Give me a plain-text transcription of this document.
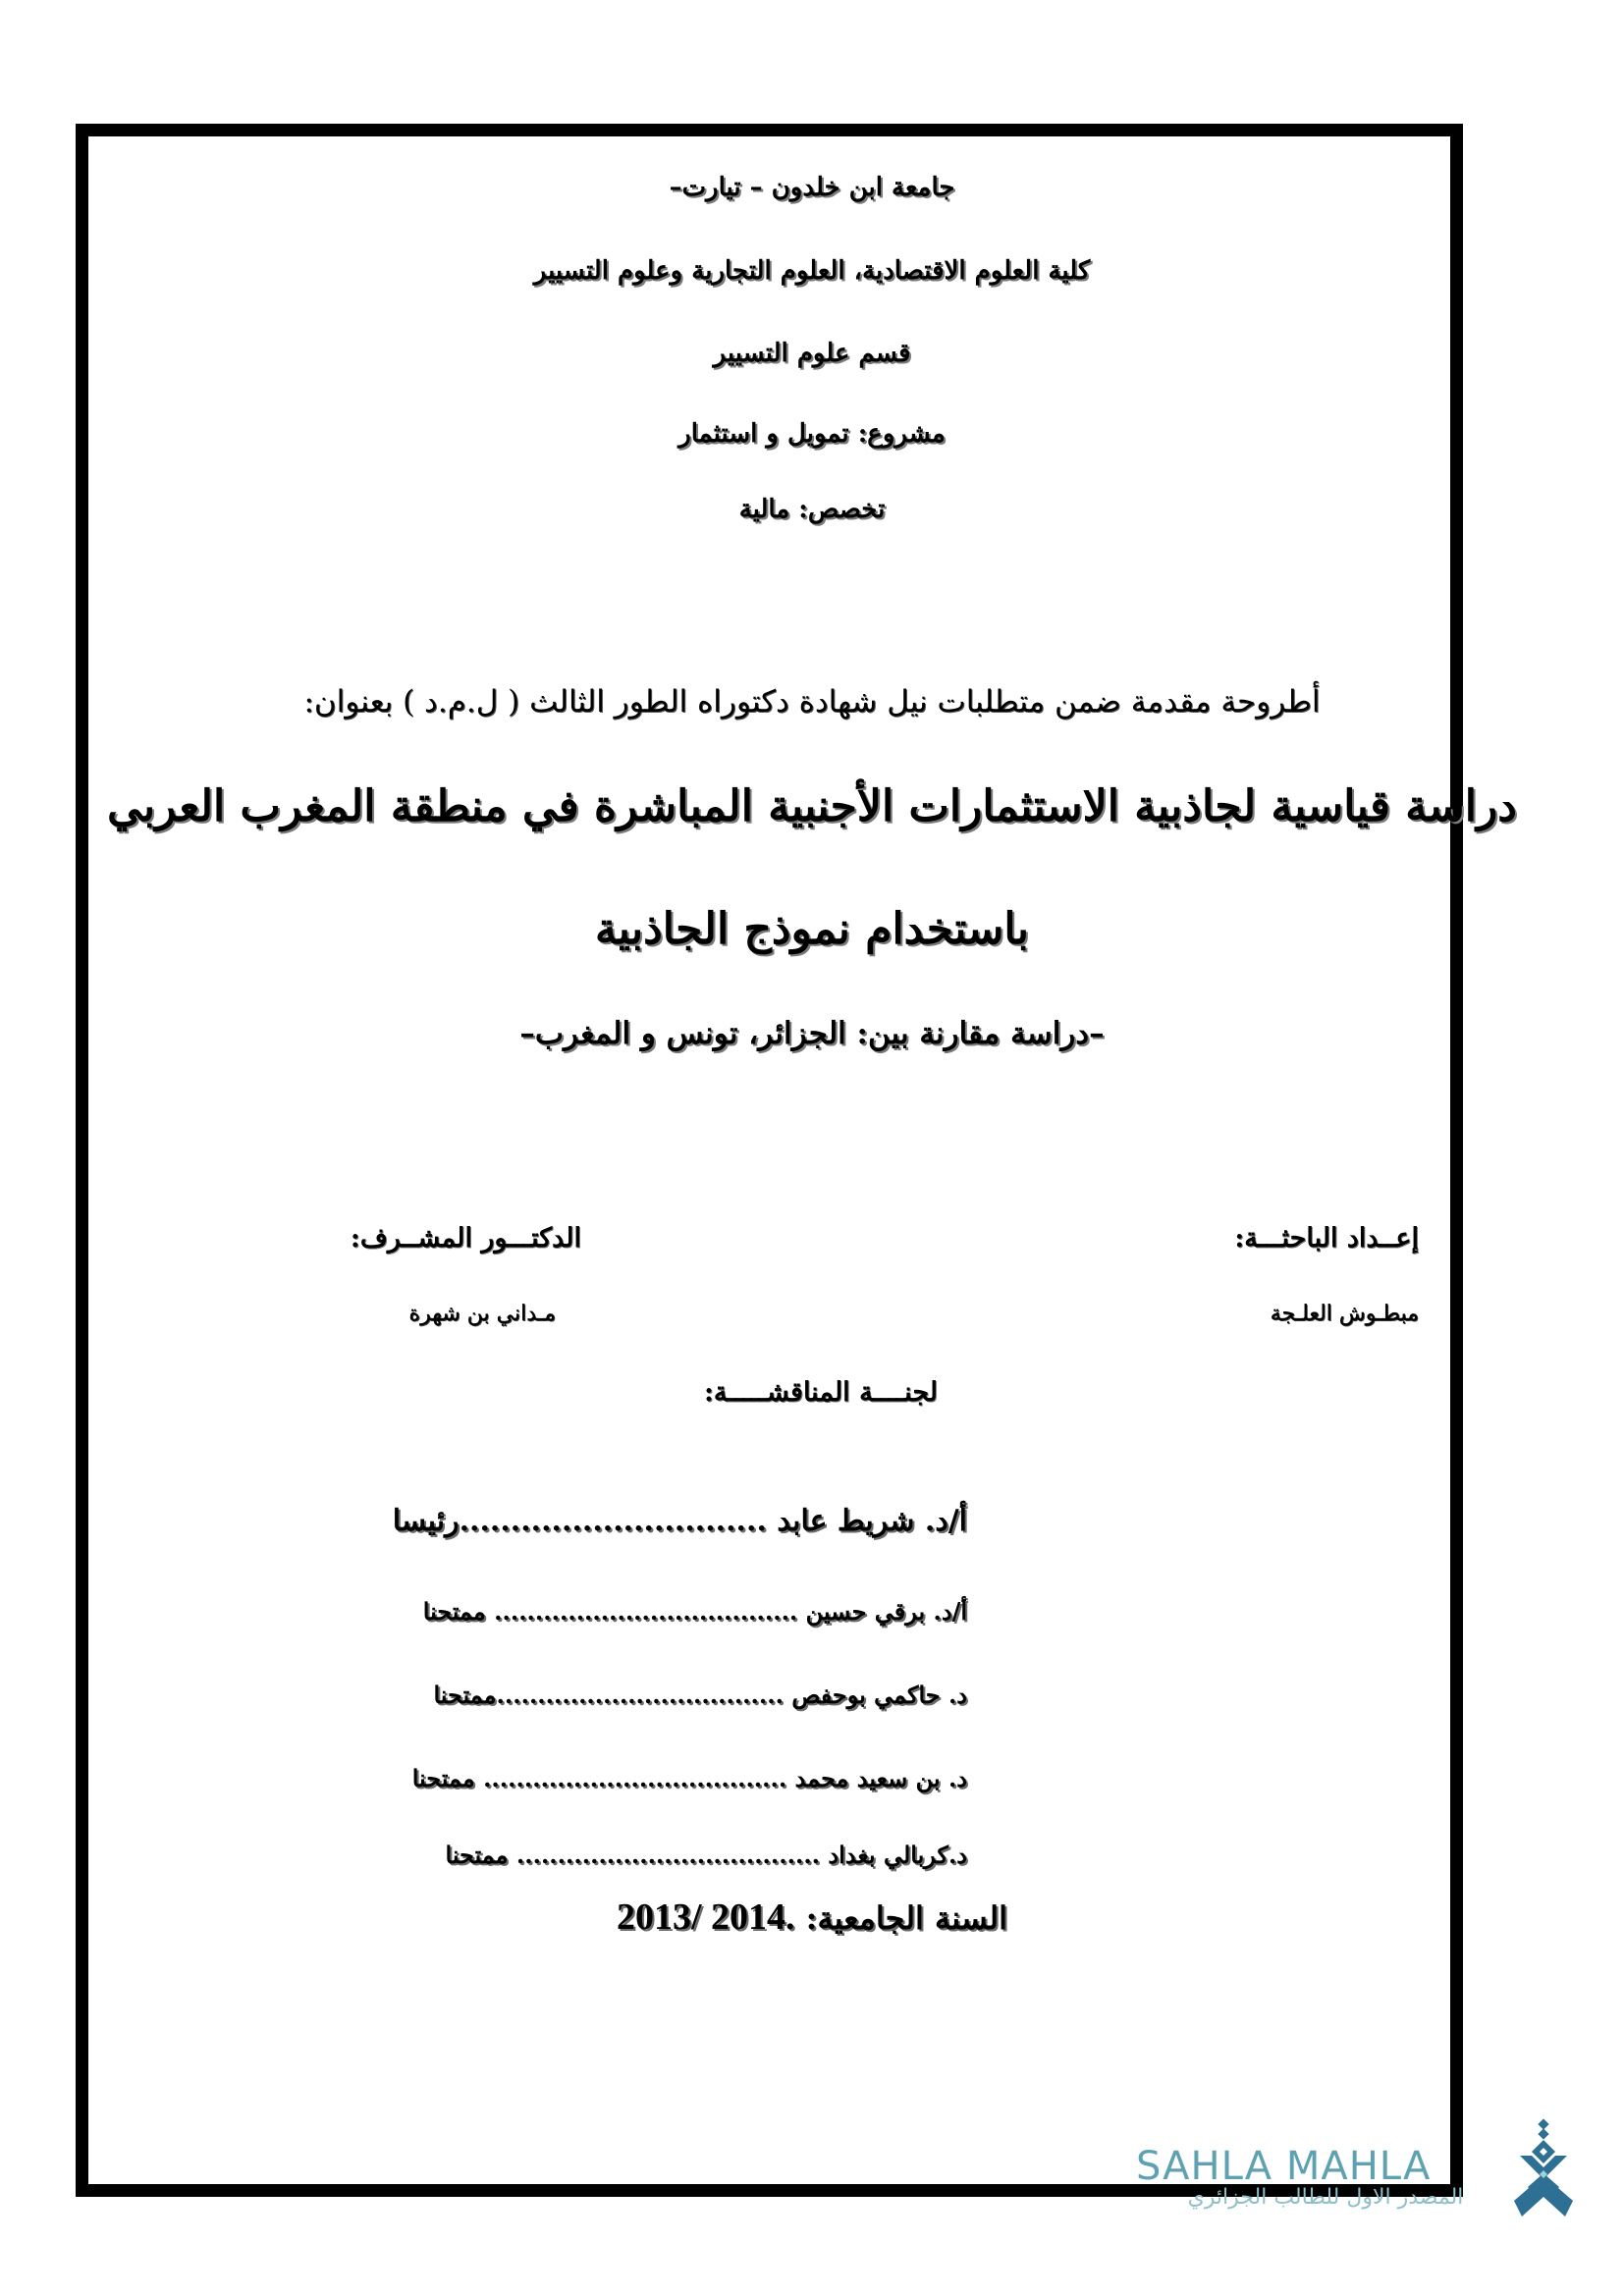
جامعة ابن خلدون – تيارت–
كلية العلوم الاقتصادية، العلوم التجارية وعلوم التسيير
قسم علوم التسيير
مشروع: تمويل و استثمار
تخصص: مالية
أطروحة مقدمة ضمن متطلبات نيل شهادة دكتوراه الطور الثالث ( ل.م.د ) بعنوان:
دراسة قياسية لجاذبية الاستثمارات الأجنبية المباشرة في منطقة المغرب العربي
باستخدام نموذج الجاذبية
–دراسة مقارنة بين: الجزائر، تونس و المغرب–
إعــداد الباحثـــة:
مبطـوش العلـجة
الدكتـــور المشــرف:
مـداني بن شهرة
لجنــــة المناقشـــــة:
أ/د. شريط عابد ..............................رئيسا
أ/د. برقي حسين ..................................... ممتحنا
د. حاكمي بوحفص ...................................ممتحنا
د. بن سعيد محمد ..................................... ممتحنا
د.كربالي بغداد ..................................... ممتحنا
السنة الجامعية: 2013/ 2014.
SAHLA MAHLA
المصدر الاول للطالب الجزائري
